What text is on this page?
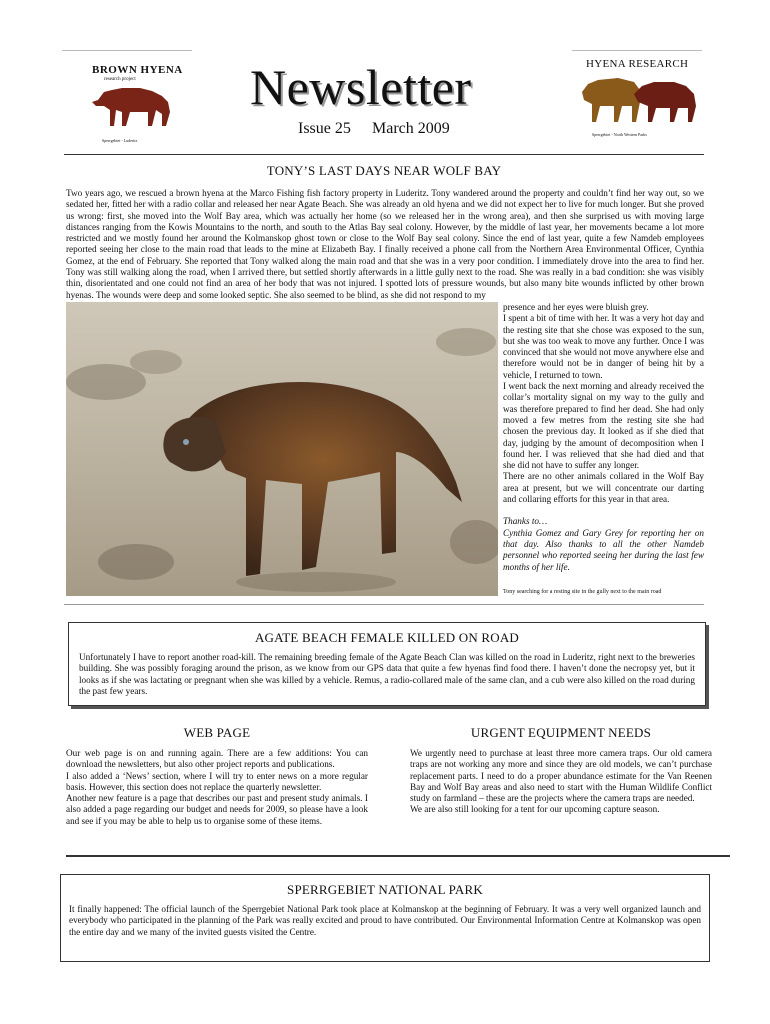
BROWN HYENA
research project
Sperrgebiet - Luderitz
HYENA RESEARCH
Sperrgebiet - North Western Parks
Newsletter
Issue 25 March 2009
TONY’S LAST DAYS NEAR WOLF BAY

Two years ago, we rescued a brown hyena at the Marco Fishing fish factory property in Luderitz. Tony wandered around the property and couldn’t find her way out, so we sedated her, fitted her with a radio collar and released her near Agate Beach. She was already an old hyena and we did not expect her to live for much longer. But she proved us wrong: first, she moved into the Wolf Bay area, which was actually her home (so we released her in the wrong area), and then she surprised us with moving large distances ranging from the Kowis Mountains to the north, and south to the Atlas Bay seal colony. However, by the middle of last year, her movements became a lot more restricted and we mostly found her around the Kolmanskop ghost town or close to the Wolf Bay seal colony. Since the end of last year, quite a few Namdeb employees reported seeing her close to the main road that leads to the mine at Elizabeth Bay. I finally received a phone call from the Northern Area Environmental Officer, Cynthia Gomez, at the end of February. She reported that Tony walked along the main road and that she was in a very poor condition. I immediately drove into the area to find her. Tony was still walking along the road, when I arrived there, but settled shortly afterwards in a little gully next to the road. She was really in a bad condition: she was visibly thin, disorientated and one could not find an area of her body that was not injured. I spotted lots of pressure wounds, but also many bite wounds inflicted by other brown hyenas. The wounds were deep and some looked septic. She also seemed to be blind, as she did not respond to my

presence and her eyes were bluish grey.

I spent a bit of time with her. It was a very hot day and the resting site that she chose was exposed to the sun, but she was too weak to move any further. Once I was convinced that she would not move anywhere else and therefore would not be in danger of being hit by a vehicle, I returned to town.

I went back the next morning and already received the collar’s mortality signal on my way to the gully and was therefore prepared to find her dead. She had only moved a few metres from the resting site she had chosen the previous day. It looked as if she died that day, judging by the amount of decomposition when I found her. I was relieved that she had died and that she did not have to suffer any longer.

There are no other animals collared in the Wolf Bay area at present, but we will concentrate our darting and collaring efforts for this year in that area.

Thanks to…

Cynthia Gomez and Gary Grey for reporting her on that day. Also thanks to all the other Namdeb personnel who reported seeing her during the last few months of her life.

Tony searching for a resting site in the gully next to the main road

AGATE BEACH FEMALE KILLED ON ROAD
Unfortunately I have to report another road-kill. The remaining breeding female of the Agate Beach Clan was killed on the road in Luderitz, right next to the breweries building. She was possibly foraging around the prison, as we know from our GPS data that quite a few hyenas find food there. I haven’t done the necropsy yet, but it looks as if she was lactating or pregnant when she was killed by a vehicle. Remus, a radio-collared male of the same clan, and a cub were also killed on the road during the past few years.
WEB PAGE

Our web page is on and running again. There are a few additions: You can download the newsletters, but also other project reports and publications.

I also added a ‘News’ section, where I will try to enter news on a more regular basis. However, this section does not replace the quarterly newsletter.

Another new feature is a page that describes our past and present study animals. I also added a page regarding our budget and needs for 2009, so please have a look and see if you may be able to help us to organise some of these items.

URGENT EQUIPMENT NEEDS

We urgently need to purchase at least three more camera traps. Our old camera traps are not working any more and since they are old models, we can’t purchase replacement parts. I need to do a proper abundance estimate for the Van Reenen Bay and Wolf Bay areas and also need to start with the Human Wildlife Conflict study on farmland – these are the projects where the camera traps are needed.

We are also still looking for a tent for our upcoming capture season.

SPERRGEBIET NATIONAL PARK
It finally happened: The official launch of the Sperrgebiet National Park took place at Kolmanskop at the beginning of February. It was a very well organized launch and everybody who participated in the planning of the Park was really excited and proud to have contributed. Our Environmental Information Centre at Kolmanskop was open the entire day and we many of the invited guests visited the Centre.
